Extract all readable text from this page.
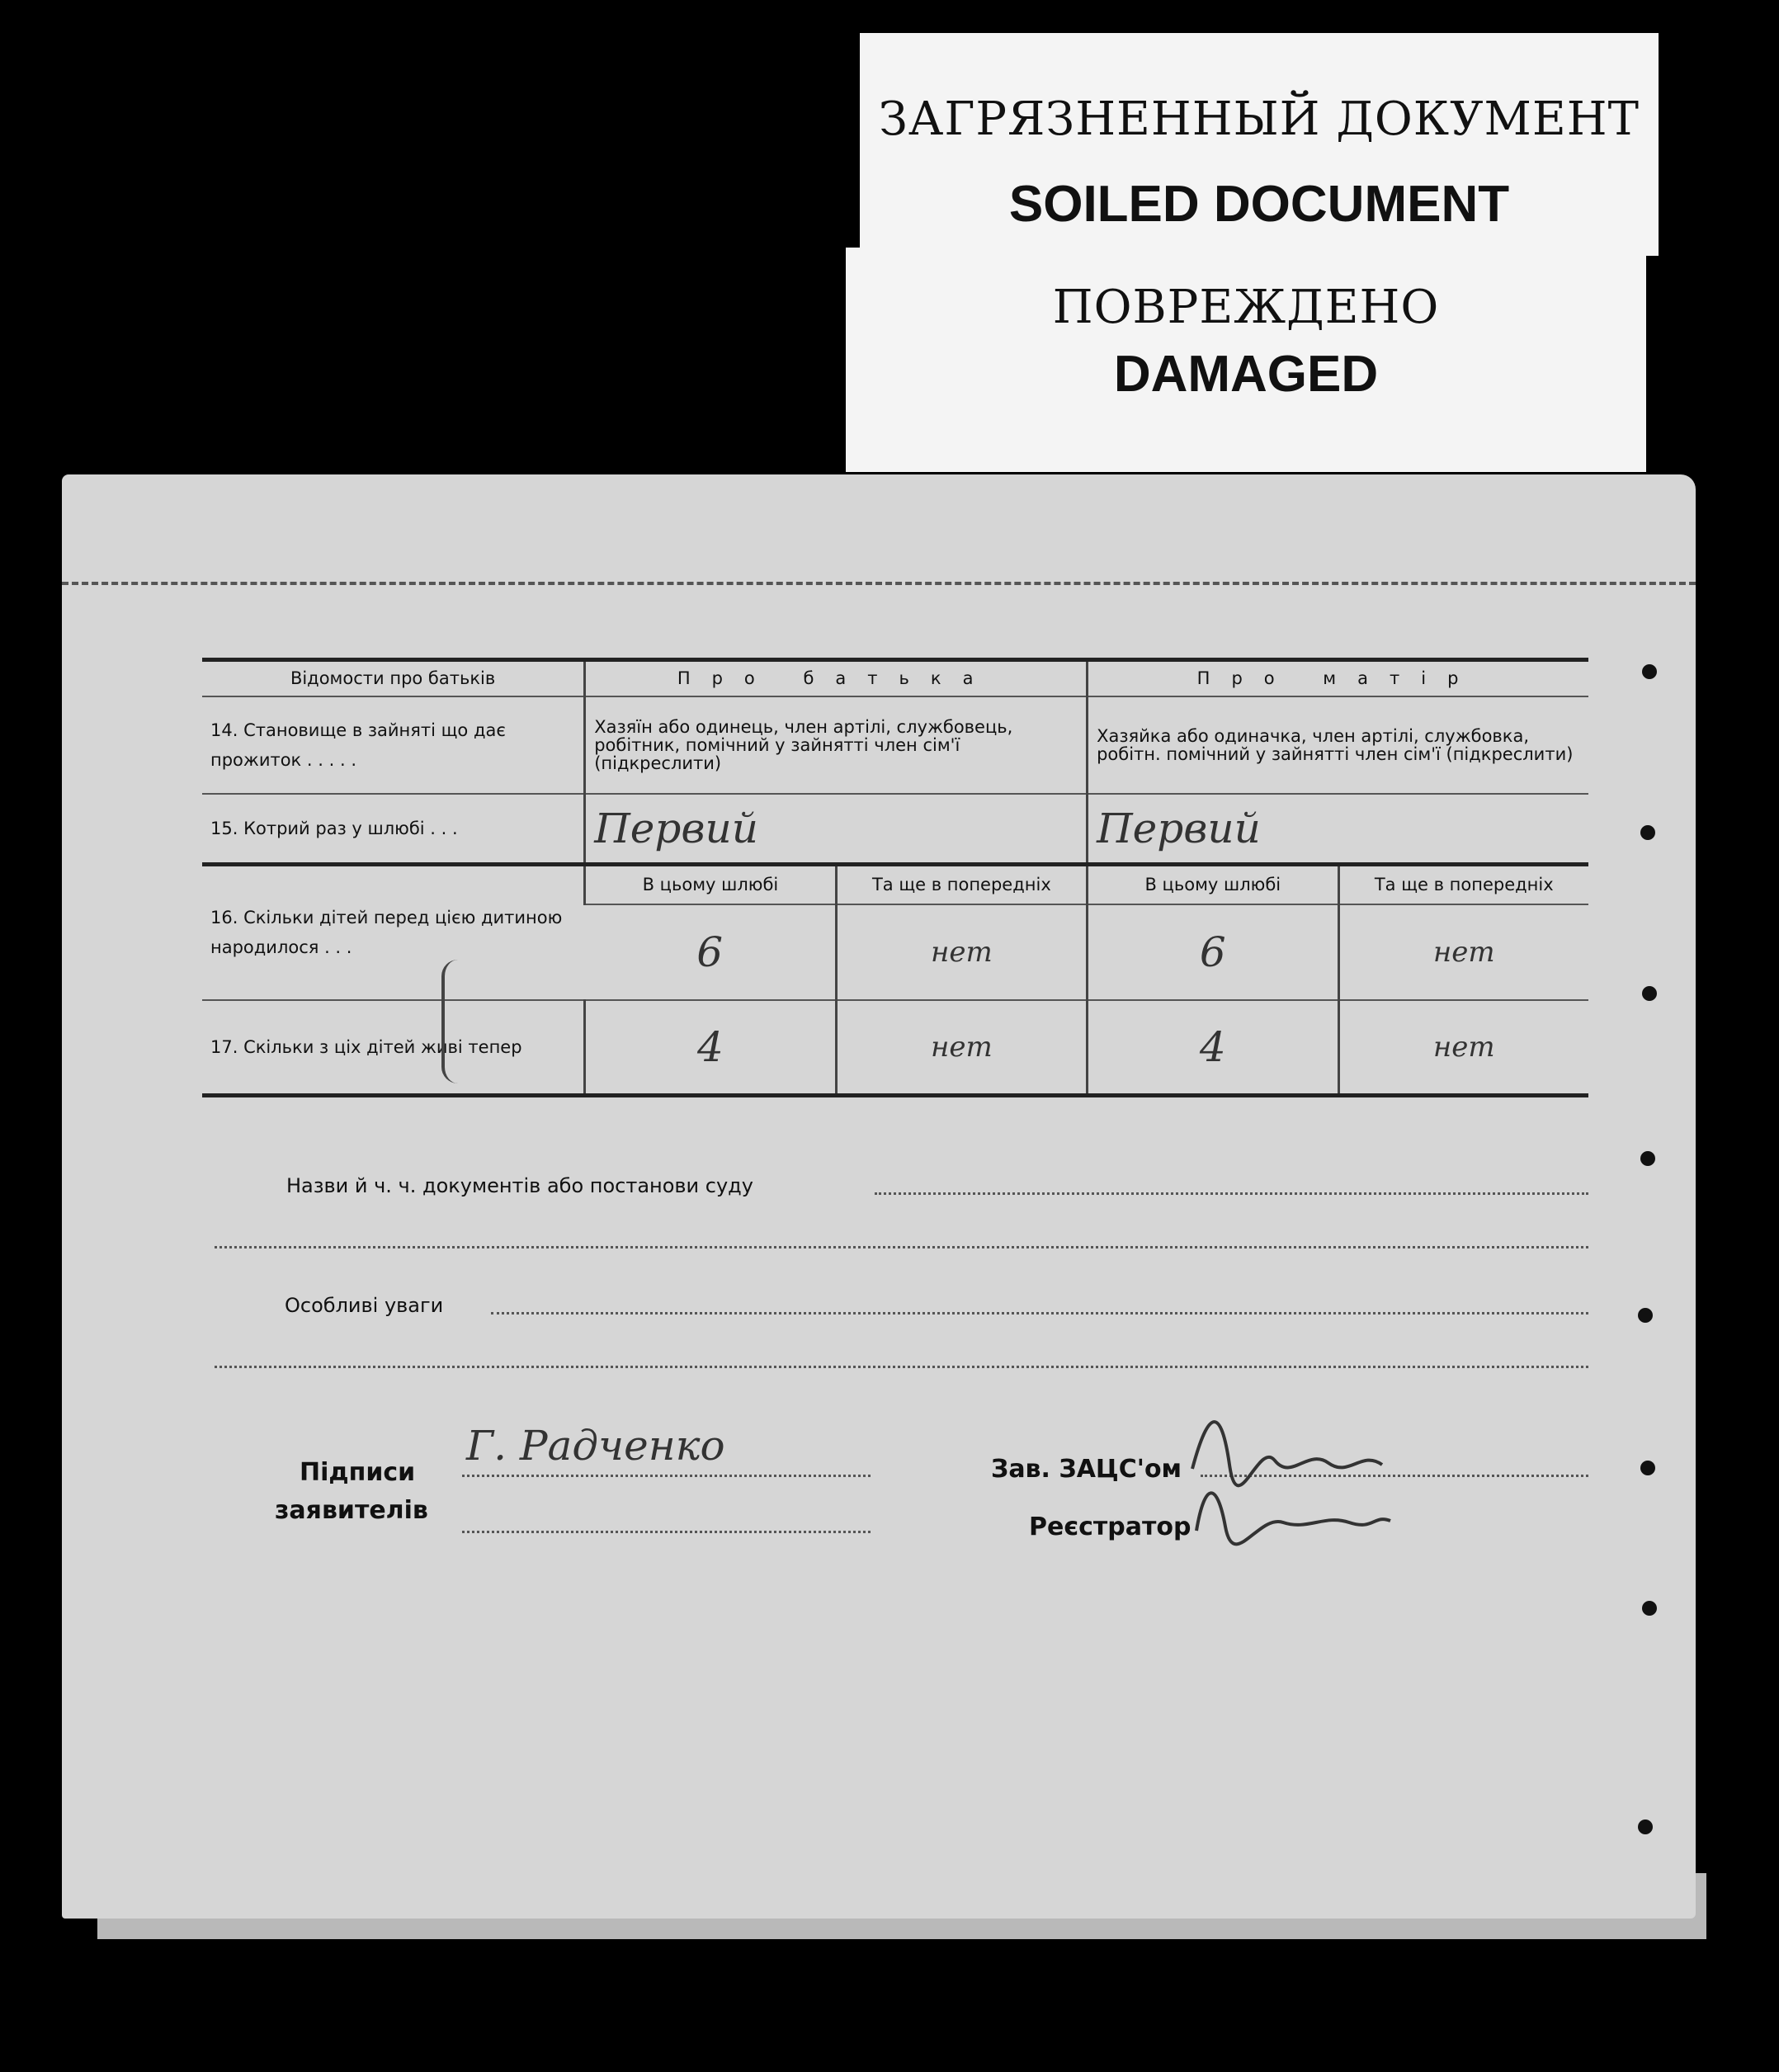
ЗАГРЯЗНЕННЫЙ ДОКУМЕНТ
SOILED DOCUMENT
ПОВРЕЖДЕНО
DAMAGED
Відомости про батьків	Про батька		Про матір	
14. Становище в зайняті що дає прожиток . . . . .	Хазяїн або одинець, член артілі, службовець, робітник, помічний у зайнятті член сім'ї (підкреслити)		Хазяйка або одиначка, член артілі, службовка, робітн. помічний у зайнятті член сім'ї (підкреслити)	
15. Котрий раз у шлюбі . . .	Первий		Первий	
16. Скільки дітей перед цією дитиною народилося . . .	В цьому шлюбі	Та ще в попередніх	В цьому шлюбі	Та ще в попередніх
	6	нет	6	нет
17. Скільки з ціх дітей живі тепер	4	нет	4	нет
Назви й ч. ч. документів або постанови суду
Особливі уваги
Підписи
заявителів
Г. Радченко	Зав. ЗАЦС'ом
Реєстратор
